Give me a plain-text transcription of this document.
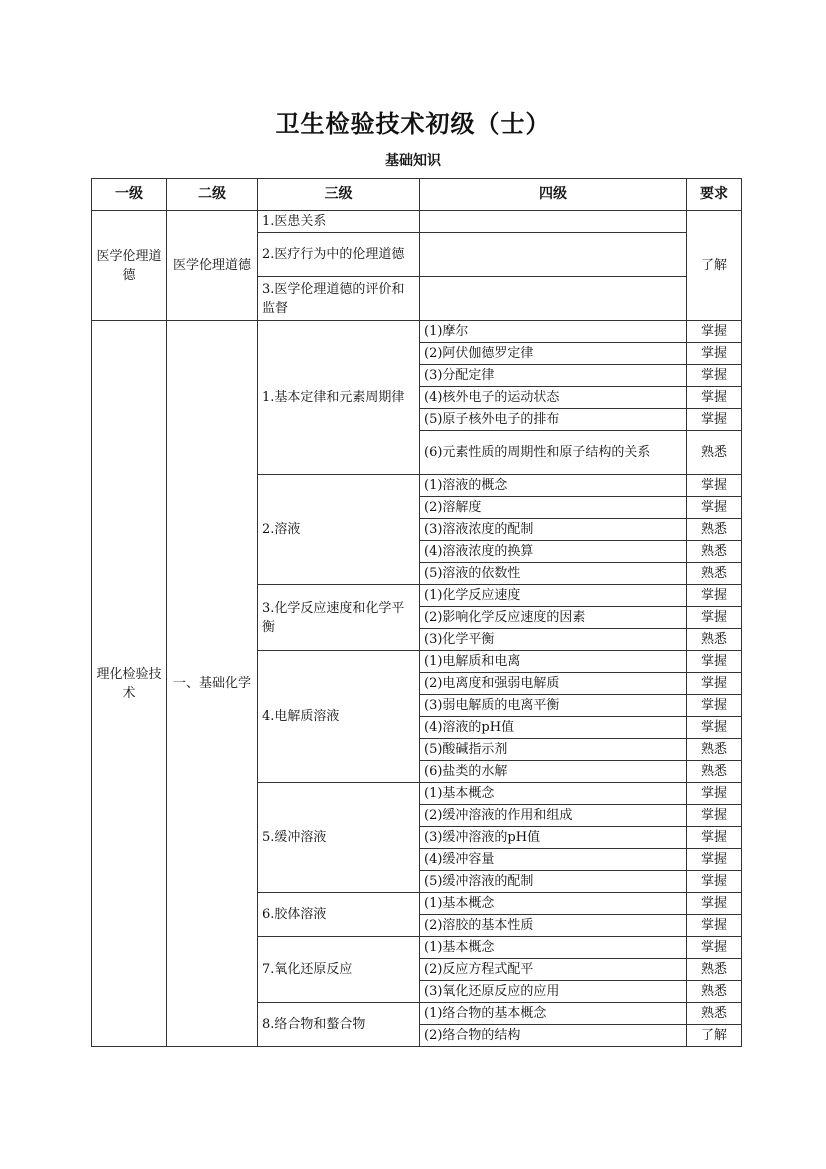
卫生检验技术初级（士）
基础知识
一级	二级	三级	四级	要求
医学伦理道德	医学伦理道德	1.医患关系		了解
		2.医疗行为中的伦理道德		
		3.医学伦理道德的评价和监督		
理化检验技术	一、基础化学	1.基本定律和元素周期律	(1)摩尔	掌握
			(2)阿伏伽德罗定律	掌握
			(3)分配定律	掌握
			(4)核外电子的运动状态	掌握
			(5)原子核外电子的排布	掌握
			(6)元素性质的周期性和原子结构的关系	熟悉
		2.溶液	(1)溶液的概念	掌握
			(2)溶解度	掌握
			(3)溶液浓度的配制	熟悉
			(4)溶液浓度的换算	熟悉
			(5)溶液的依数性	熟悉
		3.化学反应速度和化学平衡	(1)化学反应速度	掌握
			(2)影响化学反应速度的因素	掌握
			(3)化学平衡	熟悉
		4.电解质溶液	(1)电解质和电离	掌握
			(2)电离度和强弱电解质	掌握
			(3)弱电解质的电离平衡	掌握
			(4)溶液的pH值	掌握
			(5)酸碱指示剂	熟悉
			(6)盐类的水解	熟悉
		5.缓冲溶液	(1)基本概念	掌握
			(2)缓冲溶液的作用和组成	掌握
			(3)缓冲溶液的pH值	掌握
			(4)缓冲容量	掌握
			(5)缓冲溶液的配制	掌握
		6.胶体溶液	(1)基本概念	掌握
			(2)溶胶的基本性质	掌握
		7.氧化还原反应	(1)基本概念	掌握
			(2)反应方程式配平	熟悉
			(3)氧化还原反应的应用	熟悉
		8.络合物和螯合物	(1)络合物的基本概念	熟悉
			(2)络合物的结构	了解
